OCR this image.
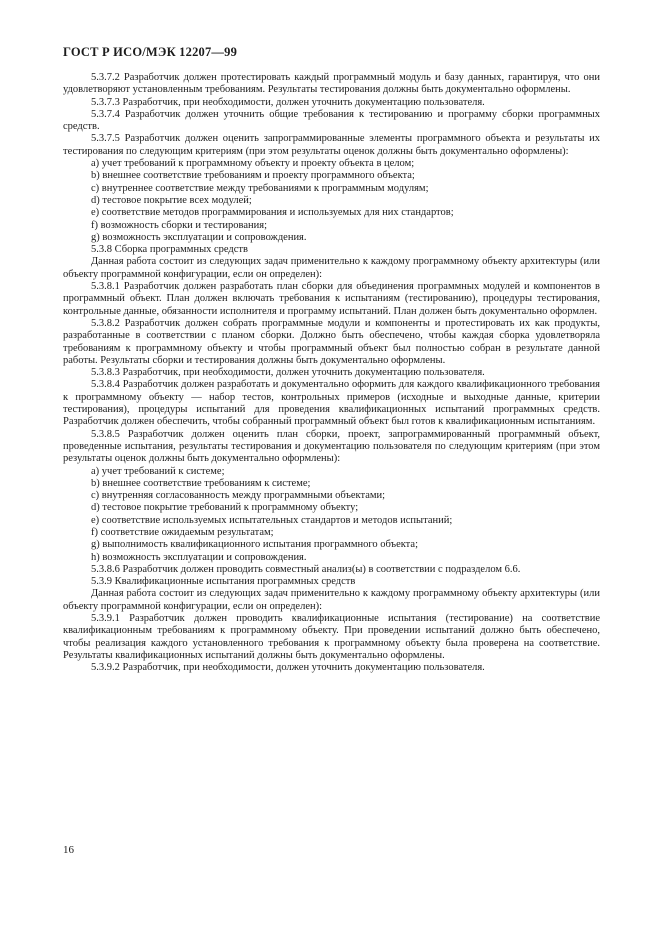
ГОСТ Р ИСО/МЭК 12207—99

5.3.7.2 Разработчик должен протестировать каждый программный модуль и базу данных, гарантируя, что они удовлетворяют установленным требованиям. Результаты тестирования должны быть документально оформлены.

5.3.7.3 Разработчик, при необходимости, должен уточнить документацию пользователя.

5.3.7.4 Разработчик должен уточнить общие требования к тестированию и программу сборки программных средств.

5.3.7.5 Разработчик должен оценить запрограммированные элементы программного объекта и результаты их тестирования по следующим критериям (при этом результаты оценок должны быть документально оформлены):

a) учет требований к программному объекту и проекту объекта в целом;

b) внешнее соответствие требованиям и проекту программного объекта;

c) внутреннее соответствие между требованиями к программным модулям;

d) тестовое покрытие всех модулей;

e) соответствие методов программирования и используемых для них стандартов;

f) возможность сборки и тестирования;

g) возможность эксплуатации и сопровождения.

5.3.8 Сборка программных средств

Данная работа состоит из следующих задач применительно к каждому программному объекту архитектуры (или объекту программной конфигурации, если он определен):

5.3.8.1 Разработчик должен разработать план сборки для объединения программных модулей и компонентов в программный объект. План должен включать требования к испытаниям (тестированию), процедуры тестирования, контрольные данные, обязанности исполнителя и программу испытаний. План должен быть документально оформлен.

5.3.8.2 Разработчик должен собрать программные модули и компоненты и протестировать их как продукты, разработанные в соответствии с планом сборки. Должно быть обеспечено, чтобы каждая сборка удовлетворяла требованиям к программному объекту и чтобы программный объект был полностью собран в результате данной работы. Результаты сборки и тестирования должны быть документально оформлены.

5.3.8.3 Разработчик, при необходимости, должен уточнить документацию пользователя.

5.3.8.4 Разработчик должен разработать и документально оформить для каждого квалификационного требования к программному объекту — набор тестов, контрольных примеров (исходные и выходные данные, критерии тестирования), процедуры испытаний для проведения квалификационных испытаний программных средств. Разработчик должен обеспечить, чтобы собранный программный объект был готов к квалификационным испытаниям.

5.3.8.5 Разработчик должен оценить план сборки, проект, запрограммированный программный объект, проведенные испытания, результаты тестирования и документацию пользователя по следующим критериям (при этом результаты оценок должны быть документально оформлены):

a) учет требований к системе;

b) внешнее соответствие требованиям к системе;

c) внутренняя согласованность между программными объектами;

d) тестовое покрытие требований к программному объекту;

e) соответствие используемых испытательных стандартов и методов испытаний;

f) соответствие ожидаемым результатам;

g) выполнимость квалификационного испытания программного объекта;

h) возможность эксплуатации и сопровождения.

5.3.8.6 Разработчик должен проводить совместный анализ(ы) в соответствии с подразделом 6.6.

5.3.9 Квалификационные испытания программных средств

Данная работа состоит из следующих задач применительно к каждому программному объекту архитектуры (или объекту программной конфигурации, если он определен):

5.3.9.1 Разработчик должен проводить квалификационные испытания (тестирование) на соответствие квалификационным требованиям к программному объекту. При проведении испытаний должно быть обеспечено, чтобы реализация каждого установленного требования к программному объекту была проверена на соответствие. Результаты квалификационных испытаний должны быть документально оформлены.

5.3.9.2 Разработчик, при необходимости, должен уточнить документацию пользователя.

16
